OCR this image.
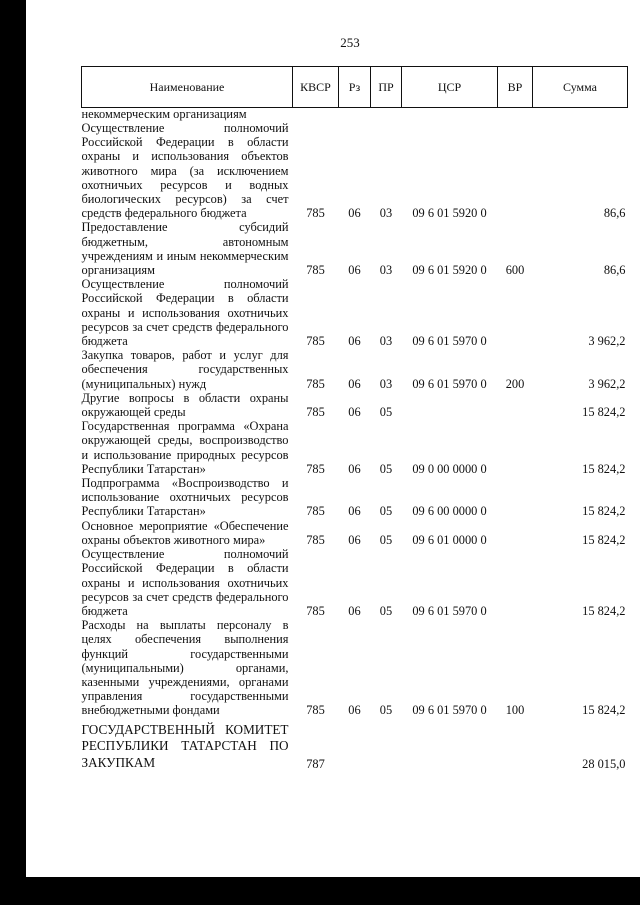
253
Наименование	КВСР	Рз	ПР	ЦСР	ВР	Сумма
некоммерческим организациям						
Осуществление полномочий Российской Федерации в области охраны и использования объектов животного мира (за исключением охотничьих ресурсов и водных биологических ресурсов) за счет средств федерального бюджета	785	06	03	09 6 01 5920 0		86,6
Предоставление субсидий бюджетным, автономным учреждениям и иным некоммерческим организациям	785	06	03	09 6 01 5920 0	600	86,6
Осуществление полномочий Российской Федерации в области охраны и использования охотничьих ресурсов за счет средств федерального бюджета	785	06	03	09 6 01 5970 0		3 962,2
Закупка товаров, работ и услуг для обеспечения государственных (муниципальных) нужд	785	06	03	09 6 01 5970 0	200	3 962,2
Другие вопросы в области охраны окружающей среды	785	06	05			15 824,2
Государственная программа «Охрана окружающей среды, воспроизводство и использование природных ресурсов Республики Татарстан»	785	06	05	09 0 00 0000 0		15 824,2
Подпрограмма «Воспроизводство и использование охотничьих ресурсов Республики Татарстан»	785	06	05	09 6 00 0000 0		15 824,2
Основное мероприятие «Обеспечение охраны объектов животного мира»	785	06	05	09 6 01 0000 0		15 824,2
Осуществление полномочий Российской Федерации в области охраны и использования охотничьих ресурсов за счет средств федерального бюджета	785	06	05	09 6 01 5970 0		15 824,2
Расходы на выплаты персоналу в целях обеспечения выполнения функций государственными (муниципальными) органами, казенными учреждениями, органами управления государственными внебюджетными фондами	785	06	05	09 6 01 5970 0	100	15 824,2
ГОСУДАРСТВЕННЫЙ КОМИТЕТ РЕСПУБЛИКИ ТАТАРСТАН ПО ЗАКУПКАМ	787					28 015,0
